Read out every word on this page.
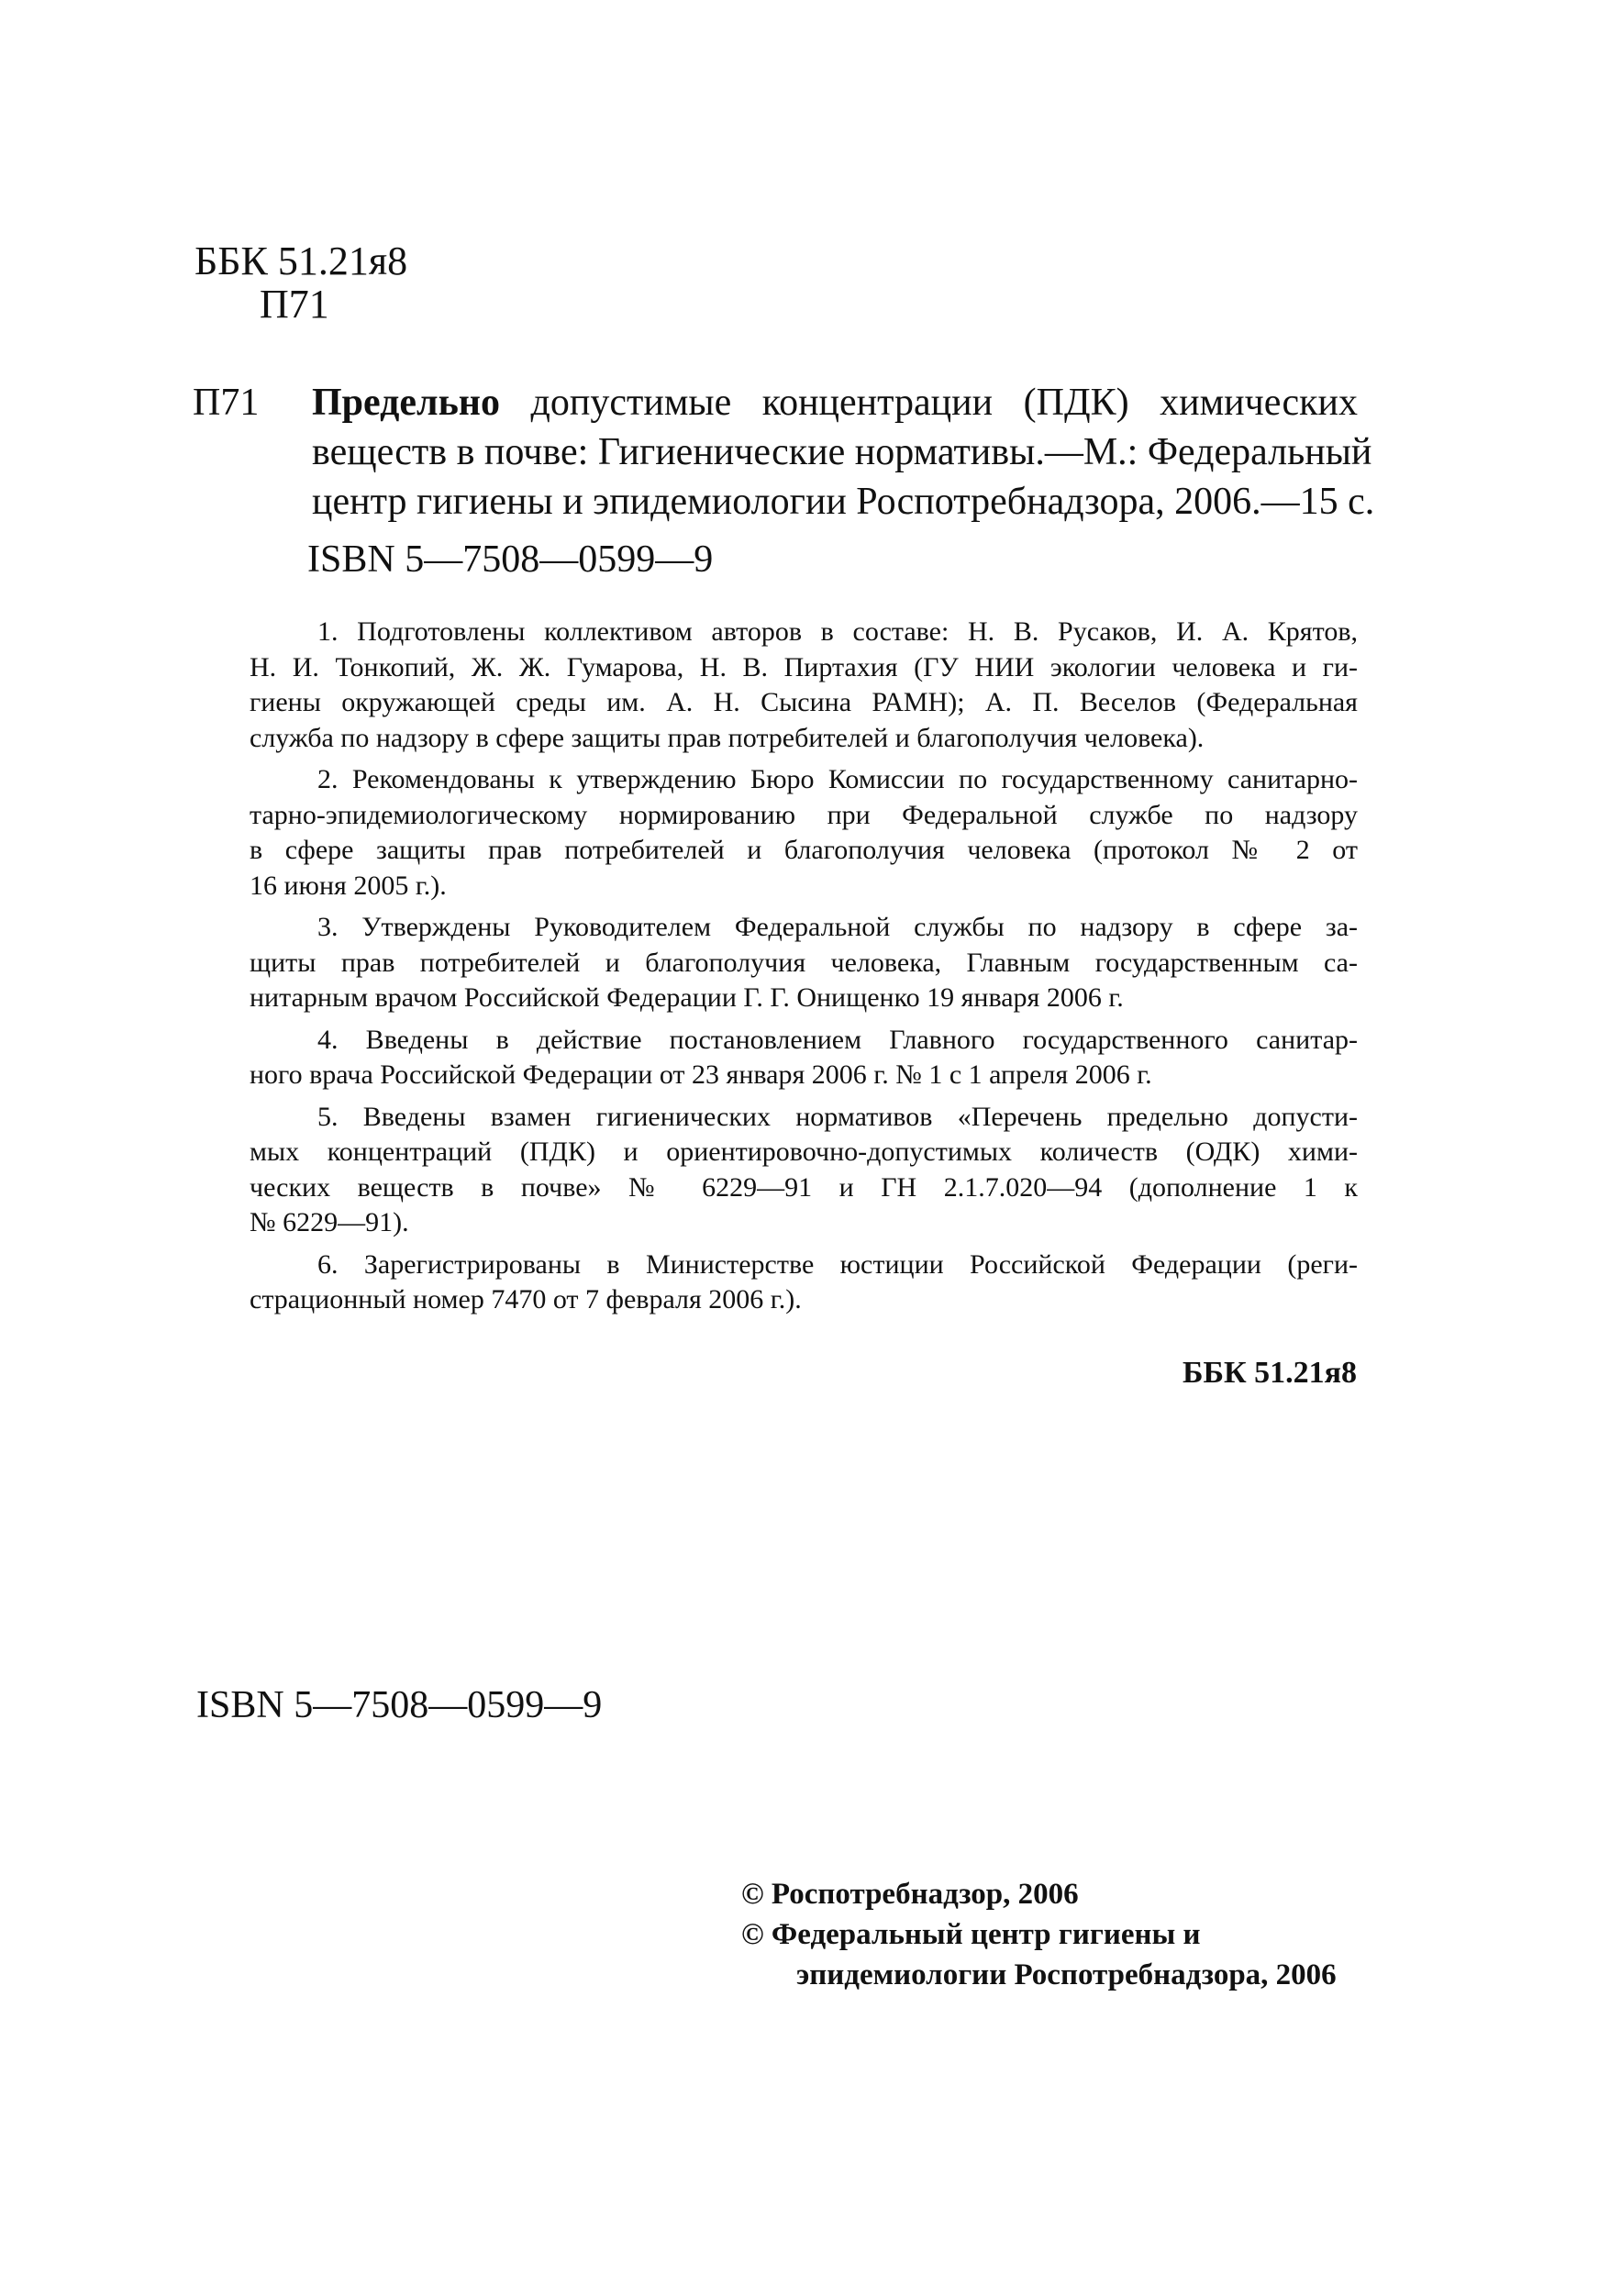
ББК 51.21я8
П71
П71 Предельно допустимые концентрации (ПДК) химических
веществ в почве: Гигиенические нормативы.—М.: Федеральный
центр гигиены и эпидемиологии Роспотребнадзора, 2006.—15 с.
ISBN 5—7508—0599—9
1. Подготовлены коллективом авторов в составе: Н. В. Русаков, И. А. Крятов,
Н. И. Тонкопий, Ж. Ж. Гумарова, Н. В. Пиртахия (ГУ НИИ экологии человека и ги-
гиены окружающей среды им. А. Н. Сысина РАМН); А. П. Веселов (Федеральная
служба по надзору в сфере защиты прав потребителей и благополучия человека).
2. Рекомендованы к утверждению Бюро Комиссии по государственному санитарно-
тарно-эпидемиологическому нормированию при Федеральной службе по надзору
в сфере защиты прав потребителей и благополучия человека (протокол № 2 от
16 июня 2005 г.).
3. Утверждены Руководителем Федеральной службы по надзору в сфере за-
щиты прав потребителей и благополучия человека, Главным государственным са-
нитарным врачом Российской Федерации Г. Г. Онищенко 19 января 2006 г.
4. Введены в действие постановлением Главного государственного санитар-
ного врача Российской Федерации от 23 января 2006 г. № 1 с 1 апреля 2006 г.
5. Введены взамен гигиенических нормативов «Перечень предельно допусти-
мых концентраций (ПДК) и ориентировочно-допустимых количеств (ОДК) хими-
ческих веществ в почве» № 6229—91 и ГН 2.1.7.020—94 (дополнение 1 к
№ 6229—91).
6. Зарегистрированы в Министерстве юстиции Российской Федерации (реги-
страционный номер 7470 от 7 февраля 2006 г.).
ББК 51.21я8
ISBN 5—7508—0599—9
© Роспотребнадзор, 2006
© Федеральный центр гигиены и
эпидемиологии Роспотребнадзора, 2006
